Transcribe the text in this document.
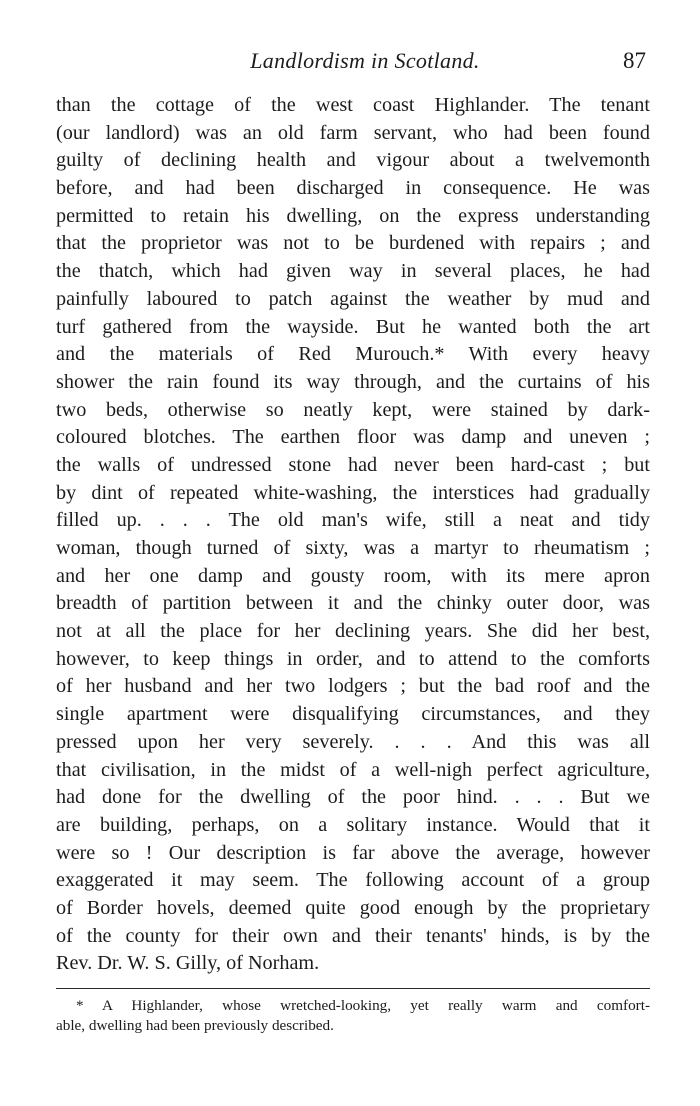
Landlordism in Scotland.	87
than the cottage of the west coast Highlander. The tenant
(our landlord) was an old farm servant, who had been found
guilty of declining health and vigour about a twelvemonth
before, and had been discharged in consequence. He was
permitted to retain his dwelling, on the express understanding
that the proprietor was not to be burdened with repairs ; and
the thatch, which had given way in several places, he had
painfully laboured to patch against the weather by mud and
turf gathered from the wayside. But he wanted both the art
and the materials of Red Murouch.* With every heavy
shower the rain found its way through, and the curtains of his
two beds, otherwise so neatly kept, were stained by dark-
coloured blotches. The earthen floor was damp and uneven ;
the walls of undressed stone had never been hard-cast ; but
by dint of repeated white-washing, the interstices had gradually
filled up. . . . The old man's wife, still a neat and tidy
woman, though turned of sixty, was a martyr to rheumatism ;
and her one damp and gousty room, with its mere apron
breadth of partition between it and the chinky outer door, was
not at all the place for her declining years. She did her best,
however, to keep things in order, and to attend to the comforts
of her husband and her two lodgers ; but the bad roof and the
single apartment were disqualifying circumstances, and they
pressed upon her very severely. . . . And this was all
that civilisation, in the midst of a well-nigh perfect agriculture,
had done for the dwelling of the poor hind. . . . But we
are building, perhaps, on a solitary instance. Would that it
were so ! Our description is far above the average, however
exaggerated it may seem. The following account of a group
of Border hovels, deemed quite good enough by the proprietary
of the county for their own and their tenants' hinds, is by the
Rev. Dr. W. S. Gilly, of Norham.
* A Highlander, whose wretched-looking, yet really warm and comfort-
able, dwelling had been previously described.
